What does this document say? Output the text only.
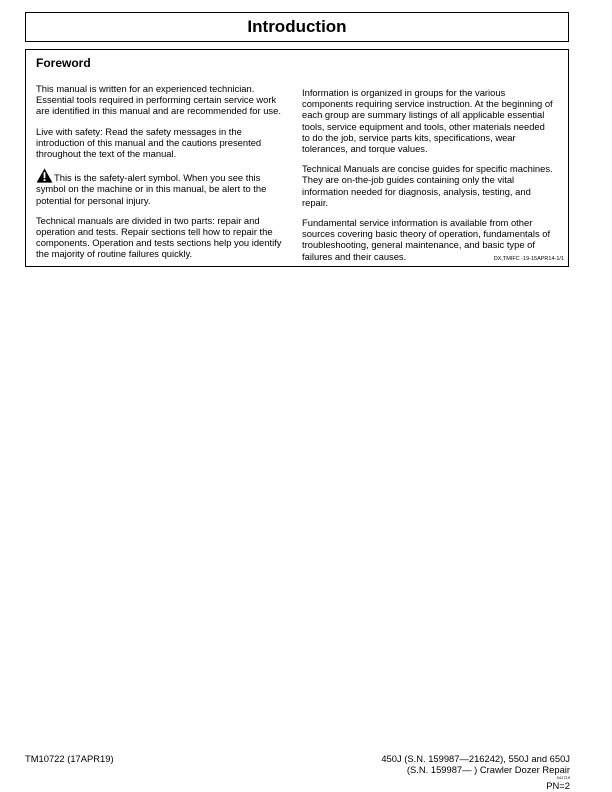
Introduction
Foreword

This manual is written for an experienced technician. Essential tools required in performing certain service work are identified in this manual and are recommended for use.

Live with safety: Read the safety messages in the introduction of this manual and the cautions presented throughout the text of the manual.

This is the safety-alert symbol. When you see this symbol on the machine or in this manual, be alert to the potential for personal injury.

Technical manuals are divided in two parts: repair and operation and tests. Repair sections tell how to repair the components. Operation and tests sections help you identify the majority of routine failures quickly.

Information is organized in groups for the various components requiring service instruction. At the beginning of each group are summary listings of all applicable essential tools, service equipment and tools, other materials needed to do the job, service parts kits, specifications, wear tolerances, and torque values.

Technical Manuals are concise guides for specific machines. They are on-the-job guides containing only the vital information needed for diagnosis, analysis, testing, and repair.

Fundamental service information is available from other sources covering basic theory of operation, fundamentals of troubleshooting, general maintenance, and basic type of failures and their causes.	DX,TMIFC -19-15APR14-1/1
TM10722 (17APR19)	450J (S.N. 159987—216242), 550J and 650J
(S.N. 159987— ) Crawler Dozer Repair
041719
PN=2
